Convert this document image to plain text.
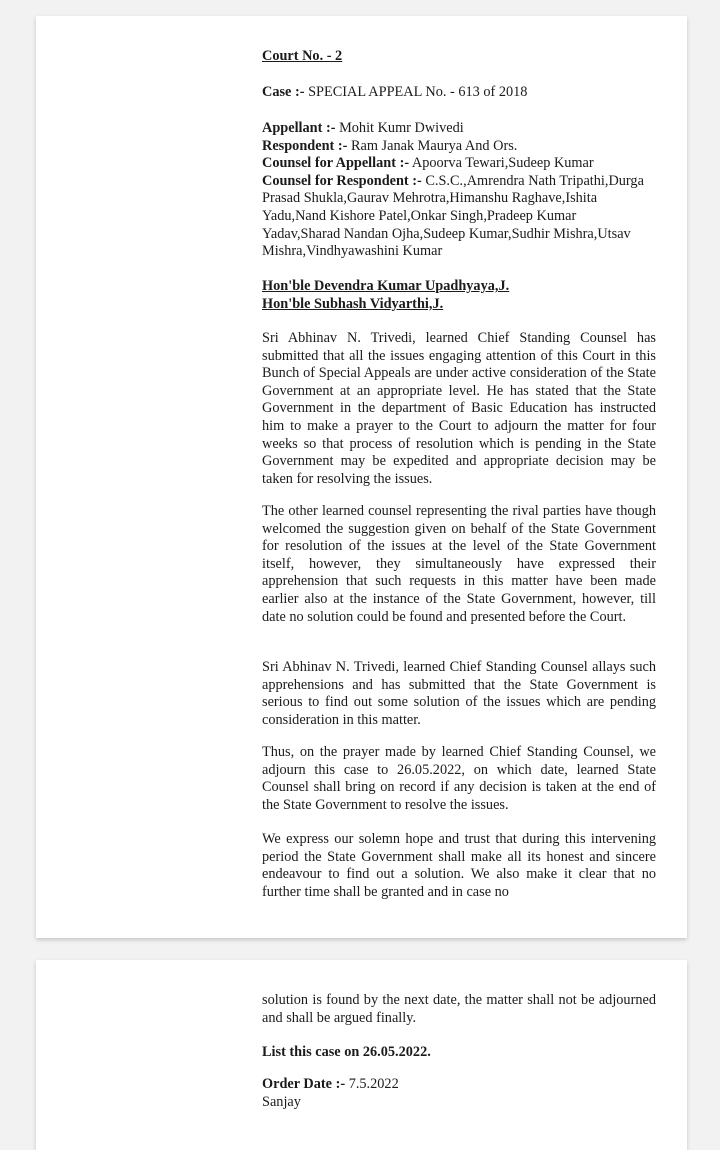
Court No. - 2

Case :- SPECIAL APPEAL No. - 613 of 2018

Appellant :- Mohit Kumr Dwivedi

Respondent :- Ram Janak Maurya And Ors.

Counsel for Appellant :- Apoorva Tewari,Sudeep Kumar

Counsel for Respondent :- C.S.C.,Amrendra Nath Tripathi,Durga Prasad Shukla,Gaurav Mehrotra,Himanshu Raghave,Ishita Yadu,Nand Kishore Patel,Onkar Singh,Pradeep Kumar Yadav,Sharad Nandan Ojha,Sudeep Kumar,Sudhir Mishra,Utsav Mishra,Vindhyawashini Kumar

Hon'ble Devendra Kumar Upadhyaya,J.

Hon'ble Subhash Vidyarthi,J.

Sri Abhinav N. Trivedi, learned Chief Standing Counsel has submitted that all the issues engaging attention of this Court in this Bunch of Special Appeals are under active consideration of the State Government at an appropriate level. He has stated that the State Government in the department of Basic Education has instructed him to make a prayer to the Court to adjourn the matter for four weeks so that process of resolution which is pending in the State Government may be expedited and appropriate decision may be taken for resolving the issues.

The other learned counsel representing the rival parties have though welcomed the suggestion given on behalf of the State Government for resolution of the issues at the level of the State Government itself, however, they simultaneously have expressed their apprehension that such requests in this matter have been made earlier also at the instance of the State Government, however, till date no solution could be found and presented before the Court.

Sri Abhinav N. Trivedi, learned Chief Standing Counsel allays such apprehensions and has submitted that the State Government is serious to find out some solution of the issues which are pending consideration in this matter.

Thus, on the prayer made by learned Chief Standing Counsel, we adjourn this case to 26.05.2022, on which date, learned State Counsel shall bring on record if any decision is taken at the end of the State Government to resolve the issues.

We express our solemn hope and trust that during this intervening period the State Government shall make all its honest and sincere endeavour to find out a solution. We also make it clear that no further time shall be granted and in case no

solution is found by the next date, the matter shall not be adjourned and shall be argued finally.

List this case on 26.05.2022.

Order Date :- 7.5.2022

Sanjay
